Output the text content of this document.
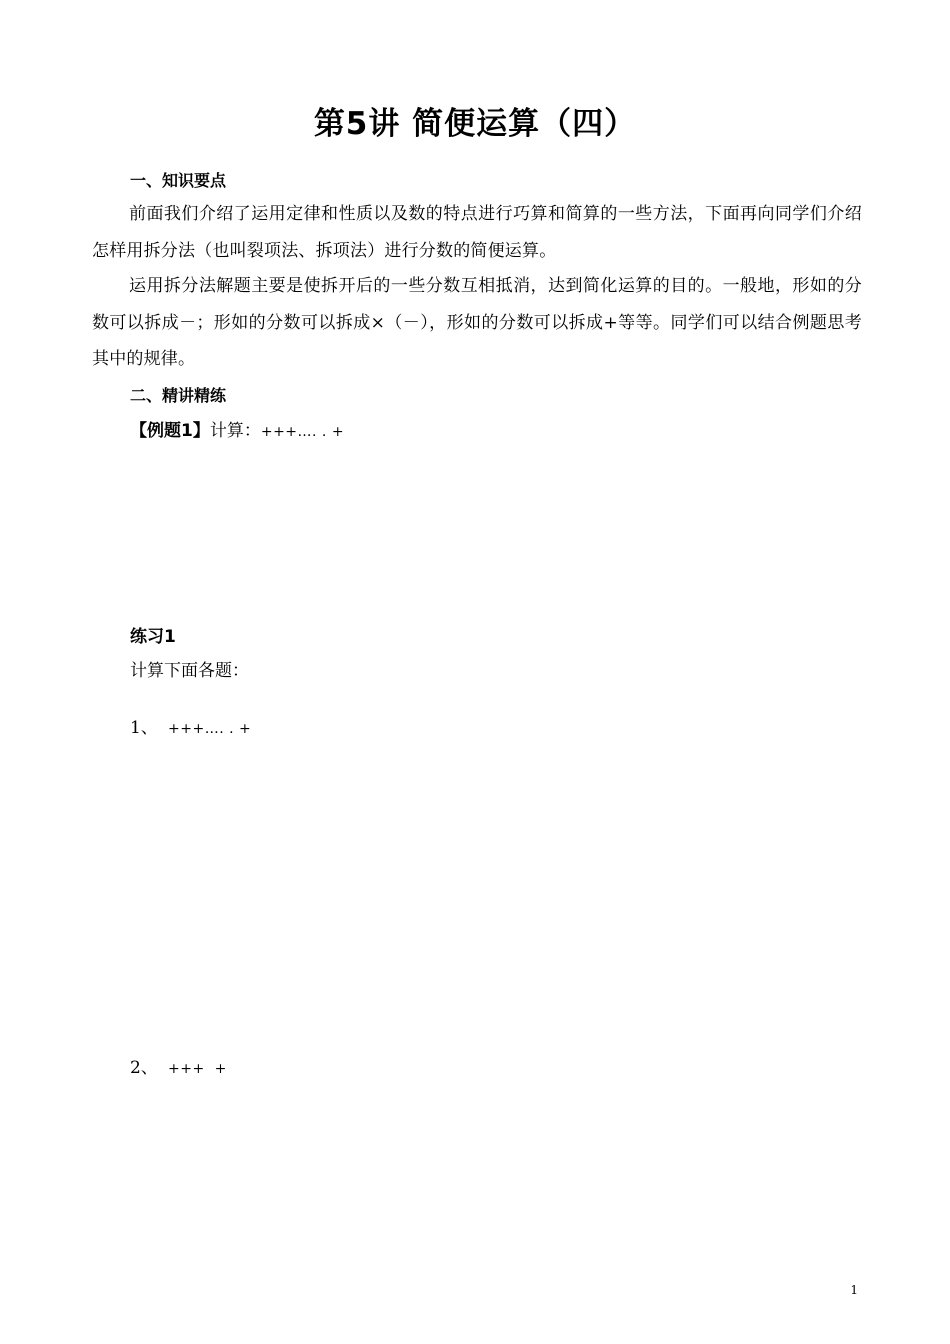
第5讲 简便运算（四）
一、知识要点
前面我们介绍了运用定律和性质以及数的特点进行巧算和简算的一些方法，下面再向同学们介绍怎样用拆分法（也叫裂项法、拆项法）进行分数的简便运算。
运用拆分法解题主要是使拆开后的一些分数互相抵消，达到简化运算的目的。一般地，形如的分数可以拆成－；形如的分数可以拆成×（－），形如的分数可以拆成+等等。同学们可以结合例题思考其中的规律。
二、精讲精练
【例题1】计算：+++…. . +
练习1
计算下面各题：
1、 +++…. . +
2、 +++  +
1
